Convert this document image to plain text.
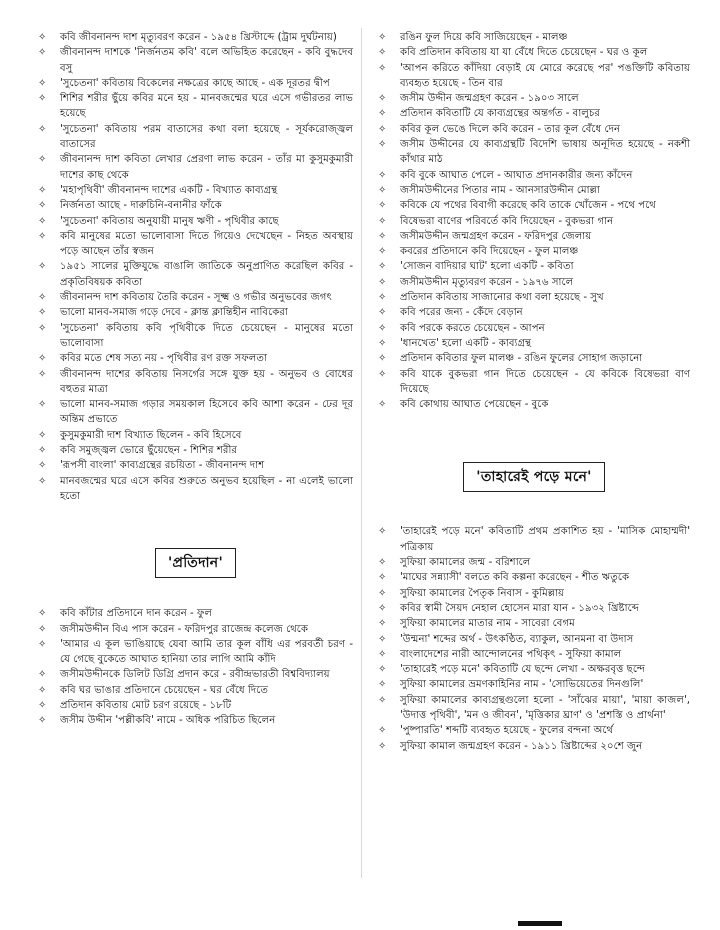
✧	কবি জীবনানন্দ দাশ মৃত্যুবরণ করেন - ১৯৫৪ খ্রিস্টাব্দে (ট্রাম দুর্ঘটনায়)
✧	জীবনানন্দ দাশকে 'নির্জনতম কবি' বলে অভিহিত করেছেন - কবি বুদ্ধদেব বসু
✧	'সুচেতনা' কবিতায় বিকেলের নক্ষত্রের কাছে আছে - এক দূরতর দ্বীপ
✧	শিশির শরীর ছুঁয়ে কবির মনে হয় - মানবজন্মের ঘরে এসে গভীরতর লাভ হয়েছে
✧	'সুচেতনা' কবিতায় পরম বাতাসের কথা বলা হয়েছে - সূর্যকরোজ্জ্বল বাতাসের
✧	জীবনানন্দ দাশ কবিতা লেখার প্রেরণা লাভ করেন - তাঁর মা কুসুমকুমারী দাশের কাছ থেকে
✧	'মহাপৃথিবী' জীবনানন্দ দাশের একটি - বিখ্যাত কাব্যগ্রন্থ
✧	নির্জনতা আছে - দারুচিনি-বনানীর ফাঁকে
✧	'সুচেতনা' কবিতায় অনুযায়ী মানুষ ঋণী - পৃথিবীর কাছে
✧	কবি মানুষের মতো ভালোবাসা দিতে গিয়েও দেখেছেন - নিহত অবস্থায় পড়ে আছেন তাঁর স্বজন
✧	১৯৫১ সালের মুক্তিযুদ্ধে বাঙালি জাতিকে অনুপ্রাণিত করেছিল কবির - প্রকৃতিবিষয়ক কবিতা
✧	জীবনানন্দ দাশ কবিতায় তৈরি করেন - সূক্ষ্ম ও গভীর অনুভবের জগৎ
✧	ভালো মানব-সমাজ গড়ে দেবে - ক্লান্ত ক্লান্তিহীন নাবিকেরা
✧	'সুচেতনা' কবিতায় কবি পৃথিবীকে দিতে চেয়েছেন - মানুষের মতো ভালোবাসা
✧	কবির মতে শেষ সত্য নয় - পৃথিবীর রণ রক্ত সফলতা
✧	জীবনানন্দ দাশের কবিতায় নিসর্গের সঙ্গে যুক্ত হয় - অনুভব ও বোধের বহুতর মাত্রা
✧	ভালো মানব-সমাজ গড়ার সময়কাল হিসেবে কবি আশা করেন - ঢের দূর অন্তিম প্রভাতে
✧	কুসুমকুমারী দাশ বিখ্যাত ছিলেন - কবি হিসেবে
✧	কবি সমুজ্জ্বল ভোরে ছুঁয়েছেন - শিশির শরীর
✧	'রূপসী বাংলা' কাব্যগ্রন্থের রচয়িতা - জীবনানন্দ দাশ
✧	মানবজন্মের ঘরে এসে কবির শুরুতে অনুভব হয়েছিল - না এলেই ভালো হতো
'প্রতিদান'
✧	কবি কাঁটার প্রতিদানে দান করেন - ফুল
✧	জসীমউদ্দীন বিএ পাস করেন - ফরিদপুর রাজেন্দ্র কলেজ থেকে
✧	'আমার এ কূল ভাঙিয়াছে যেবা আমি তার কূল বাঁধি এর পরবর্তী চরণ - যে গেছে বুকেতে আঘাত হানিয়া তার লাগি আমি কাঁদি
✧	জসীমউদ্দীনকে ডিলিট ডিগ্রি প্রদান করে - রবীন্দ্রভারতী বিশ্ববিদ্যালয়
✧	কবি ঘর ভাঙার প্রতিদানে চেয়েছেন - ঘর বেঁধে দিতে
✧	প্রতিদান কবিতায় মোট চরণ রয়েছে - ১৮টি
✧	জসীম উদ্দীন 'পল্লীকবি' নামে - অধিক পরিচিত ছিলেন
✧	রঙিন ফুল দিয়ে কবি সাজিয়েছেন - মালঞ্চ
✧	কবি প্রতিদান কবিতায় যা যা বেঁধে দিতে চেয়েছেন - ঘর ও কূল
✧	'আপন করিতে কাঁদিয়া বেড়াই যে মোরে করেছে পর' পঙক্তিটি কবিতায় ব্যবহৃত হয়েছে - তিন বার
✧	জসীম উদ্দীন জন্মগ্রহণ করেন - ১৯০৩ সালে
✧	প্রতিদান কবিতাটি যে কাব্যগ্রন্থের অন্তর্গত - বালুচর
✧	কবির কূল ভেঙে দিলে কবি করেন - তার কূল বেঁধে দেন
✧	জসীম উদ্দীনের যে কাব্যগ্রন্থটি বিদেশি ভাষায় অনূদিত হয়েছে - নকশী কাঁথার মাঠ
✧	কবি বুকে আঘাত পেলে - আঘাত প্রদানকারীর জন্য কাঁদেন
✧	জসীমউদ্দীনের পিতার নাম - আনসারউদ্দীন মোল্লা
✧	কবিকে যে পথের বিবাগী করেছে কবি তাকে খোঁজেন - পথে পথে
✧	বিষেভরা বাণের পরিবর্তে কবি দিয়েছেন - বুকভরা গান
✧	জসীমউদ্দীন জন্মগ্রহণ করেন - ফরিদপুর জেলায়
✧	কবরের প্রতিদানে কবি দিয়েছেন - ফুল মালঞ্চ
✧	'সোজন বাদিয়ার ঘাট' হলো একটি - কবিতা
✧	জসীমউদ্দীন মৃত্যুবরণ করেন - ১৯৭৬ সালে
✧	প্রতিদান কবিতায় সাজানোর কথা বলা হয়েছে - সুখ
✧	কবি পরের জন্য - কেঁদে বেড়ান
✧	কবি পরকে করতে চেয়েছেন - আপন
✧	'ধানখেত' হলো একটি - কাব্যগ্রন্থ
✧	প্রতিদান কবিতার ফুল মালঞ্চ - রঙিন ফুলের সোহাগ জড়ানো
✧	কবি যাকে বুকভরা গান দিতে চেয়েছেন - যে কবিকে বিষেভরা বাণ দিয়েছে
✧	কবি কোথায় আঘাত পেয়েছেন - বুকে
'তাহারেই পড়ে মনে'
✧	'তাহারেই পড়ে মনে' কবিতাটি প্রথম প্রকাশিত হয় - 'মাসিক মোহাম্মদী' পত্রিকায়
✧	সুফিয়া কামালের জন্ম - বরিশালে
✧	'মাঘের সন্ন্যাসী' বলতে কবি কল্পনা করেছেন - শীত ঋতুকে
✧	সুফিয়া কামালের পৈতৃক নিবাস - কুমিল্লায়
✧	কবির স্বামী সৈয়দ নেহাল হোসেন মারা যান - ১৯৩২ খ্রিষ্টাব্দে
✧	সুফিয়া কামালের মাতার নাম - সাবেরা বেগম
✧	'উন্মনা' শব্দের অর্থ - উৎকণ্ঠিত, ব্যাকুল, আনমনা বা উদাস
✧	বাংলাদেশের নারী আন্দোলনের পথিকৃৎ - সুফিয়া কামাল
✧	'তাহারেই পড়ে মনে' কবিতাটি যে ছন্দে লেখা - অক্ষরবৃত্ত ছন্দে
✧	সুফিয়া কামালের ভ্রমণকাহিনির নাম - 'সোভিয়েতের দিনগুলি'
✧	সুফিয়া কামালের কাব্যগ্রন্থগুলো হলো - 'সাঁঝের মায়া', 'মায়া কাজল', 'উদাত্ত পৃথিবী', 'মন ও জীবন', 'মৃত্তিকার ঘ্রাণ' ও 'প্রশস্তি ও প্রার্থনা'
✧	'পুষ্পারতি' শব্দটি ব্যবহৃত হয়েছে - ফুলের বন্দনা অর্থে
✧	সুফিয়া কামাল জন্মগ্রহণ করেন - ১৯১১ খ্রিষ্টাব্দের ২০শে জুন
